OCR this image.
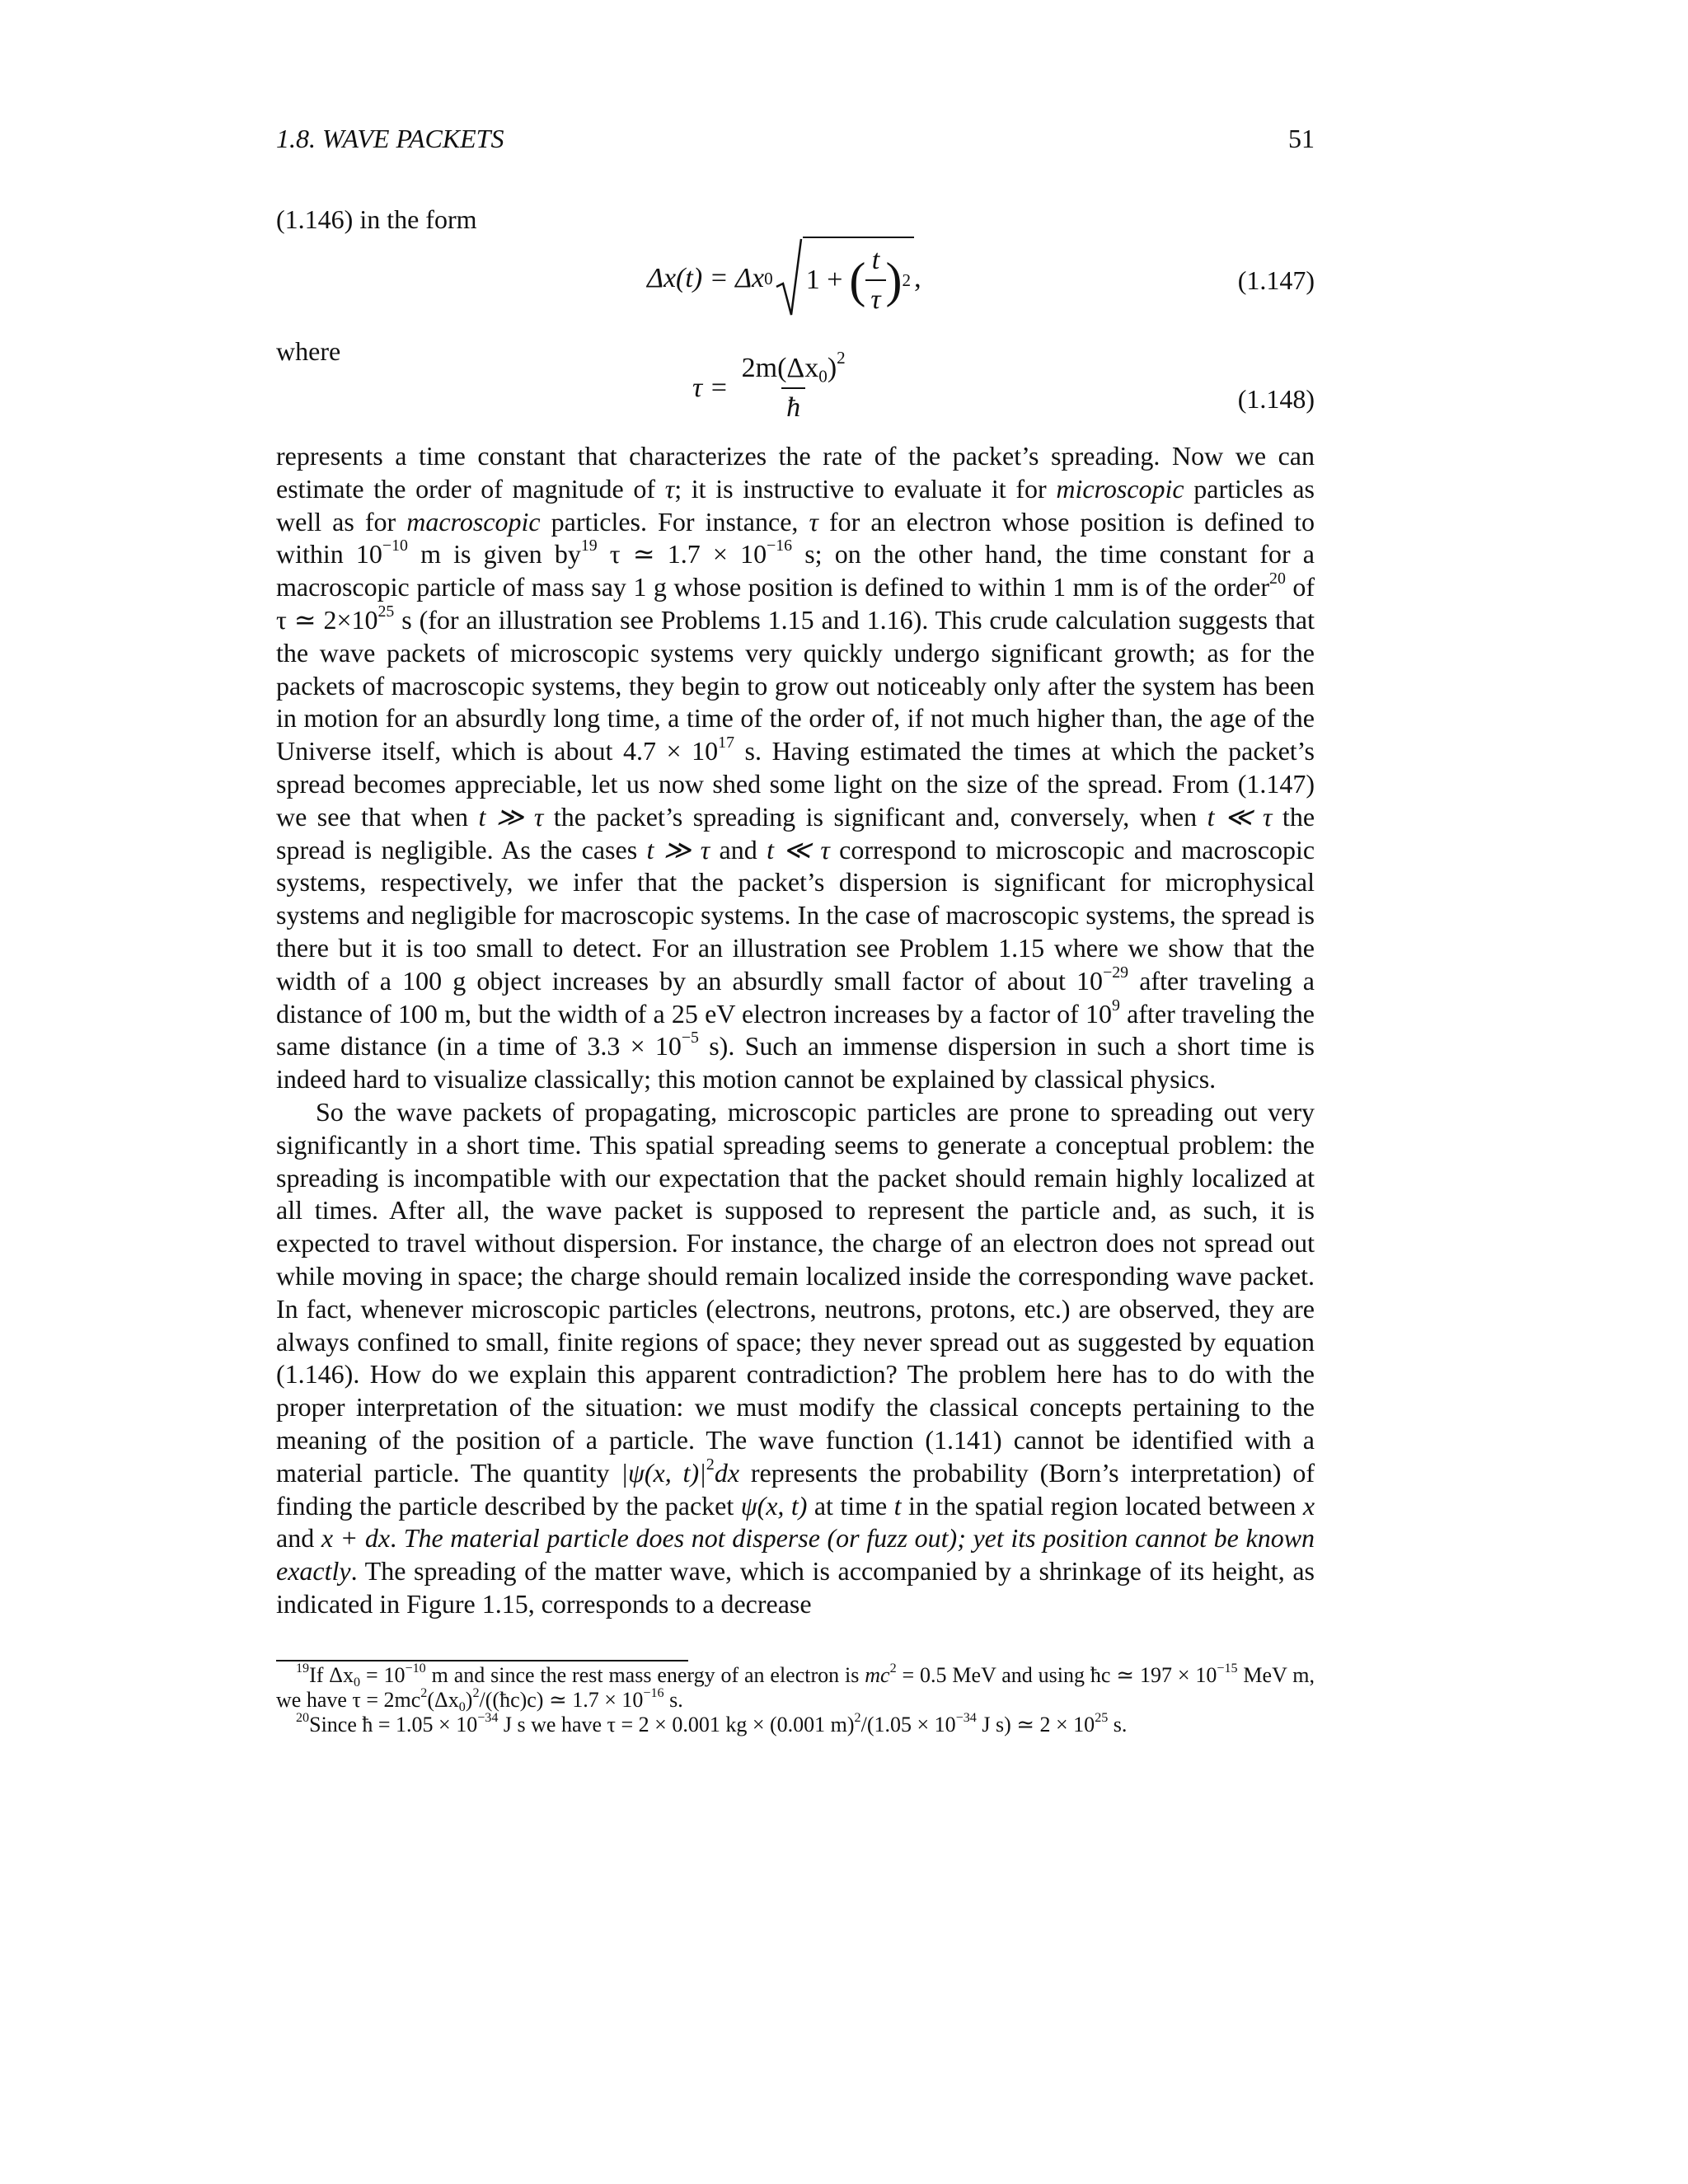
1.8. WAVE PACKETS	51
(1.146) in the form
Δx(t) = Δx 0 1 + ( $\frac{t}{\tau}$ ) 2 ,	(1.147)
where
$\tau = \frac{2m(\Delta x_0)^2}{ħ}$	(1.148)

represents a time constant that characterizes the rate of the packet’s spreading. Now we can estimate the order of magnitude of τ; it is instructive to evaluate it for microscopic particles as well as for macroscopic particles. For instance, τ for an electron whose position is defined to within $10^{-10}$ m is given $by^{19}$ τ ≃ $1.7 \times 10^{-16}$ s; on the other hand, the time constant for a macroscopic particle of mass say 1 g whose position is defined to within 1 mm is of the order$^{20}$ of τ ≃ $2\times 10^{25}$ s (for an illustration see Problems 1.15 and 1.16). This crude calculation suggests that the wave packets of microscopic systems very quickly undergo significant growth; as for the packets of macroscopic systems, they begin to grow out noticeably only after the system has been in motion for an absurdly long time, a time of the order of, if not much higher than, the age of the Universe itself, which is about $4.7 \times 10^{17}$ s. Having estimated the times at which the packet’s spread becomes appreciable, let us now shed some light on the size of the spread. From (1.147) we see that when t ≫ τ the packet’s spreading is significant and, conversely, when t ≪ τ the spread is negligible. As the cases t ≫ τ and t ≪ τ correspond to microscopic and macroscopic systems, respectively, we infer that the packet’s dispersion is significant for microphysical systems and negligible for macroscopic systems. In the case of macroscopic systems, the spread is there but it is too small to detect. For an illustration see Problem 1.15 where we show that the width of a 100 g object increases by an absurdly small factor of about $10^{-29}$ after traveling a distance of 100 m, but the width of a 25 eV electron increases by a factor of $10^9$ after traveling the same distance (in a time of $3.3 \times 10^{-5}$ s). Such an immense dispersion in such a short time is indeed hard to visualize classically; this motion cannot be explained by classical physics.

So the wave packets of propagating, microscopic particles are prone to spreading out very significantly in a short time. This spatial spreading seems to generate a conceptual problem: the spreading is incompatible with our expectation that the packet should remain highly localized at all times. After all, the wave packet is supposed to represent the particle and, as such, it is expected to travel without dispersion. For instance, the charge of an electron does not spread out while moving in space; the charge should remain localized inside the corresponding wave packet. In fact, whenever microscopic particles (electrons, neutrons, protons, etc.) are observed, they are always confined to small, finite regions of space; they never spread out as suggested by equation (1.146). How do we explain this apparent contradiction? The problem here has to do with the proper interpretation of the situation: we must modify the classical concepts pertaining to the meaning of the position of a particle. The wave function (1.141) cannot be identified with a material particle. The quantity |ψ(x, $t)|^2dx$ represents the probability (Born’s interpretation) of finding the particle described by the packet ψ(x, t) at time t in the spatial region located between x and x + dx. The material particle does not disperse (or fuzz out); yet its position cannot be known exactly. The spreading of the matter wave, which is accompanied by a shrinkage of its height, as indicated in Figure 1.15, corresponds to a decrease

$^{19}$If $\Delta x_0 = 10^{-10}$ m and since the rest mass energy of an electron is $mc^2 = 0.5$ MeV and using ħc ≃ $197 \times 10^{-15}$ MeV m, we have $\tau = 2mc^2(\Delta x_0)^2/((ħc)c)$ ≃ $1.7 \times 10^{-16}$ s.

$^{20}$Since ħ = $1.05 \times 10^{-34}$ J s we have τ = 2 × 0.001 kg × (0.001 $m)^2/(1.05 \times 10^{-34}$ J s) ≃ $2 \times 10^{25}$ s.
